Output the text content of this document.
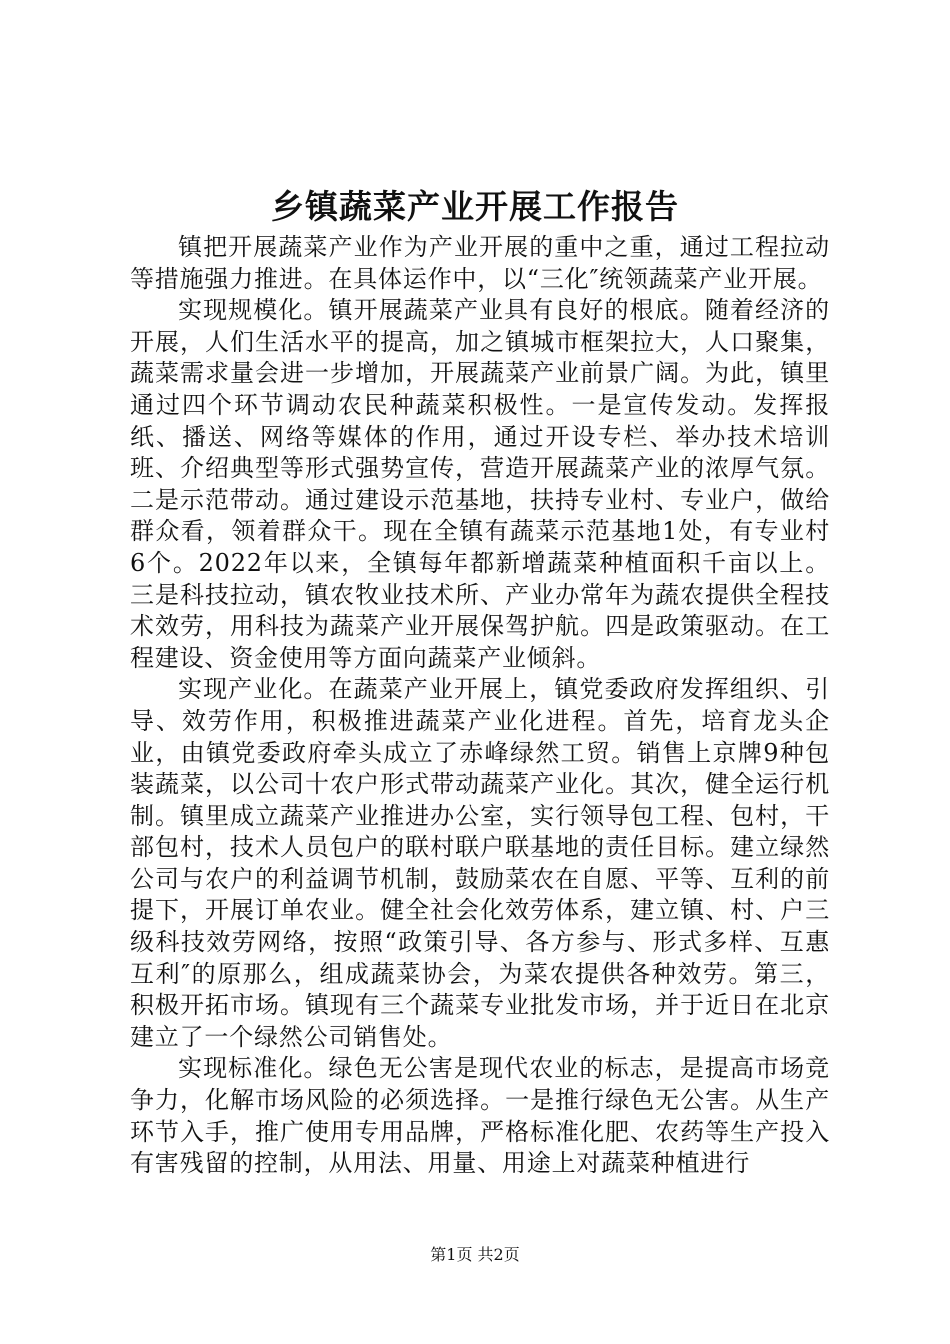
乡镇蔬菜产业开展工作报告

镇把开展蔬菜产业作为产业开展的重中之重，通过工程拉动等措施强力推进。在具体运作中，以“三化″统领蔬菜产业开展。

实现规模化。镇开展蔬菜产业具有良好的根底。随着经济的开展，人们生活水平的提高，加之镇城市框架拉大，人口聚集，蔬菜需求量会进一步增加，开展蔬菜产业前景广阔。为此，镇里通过四个环节调动农民种蔬菜积极性。一是宣传发动。发挥报纸、播送、网络等媒体的作用，通过开设专栏、举办技术培训班、介绍典型等形式强势宣传，营造开展蔬菜产业的浓厚气氛。二是示范带动。通过建设示范基地，扶持专业村、专业户，做给群众看，领着群众干。现在全镇有蔬菜示范基地1处，有专业村6个。2022年以来，全镇每年都新增蔬菜种植面积千亩以上。三是科技拉动，镇农牧业技术所、产业办常年为蔬农提供全程技术效劳，用科技为蔬菜产业开展保驾护航。四是政策驱动。在工程建设、资金使用等方面向蔬菜产业倾斜。

实现产业化。在蔬菜产业开展上，镇党委政府发挥组织、引导、效劳作用，积极推进蔬菜产业化进程。首先，培育龙头企业，由镇党委政府牵头成立了赤峰绿然工贸。销售上京牌9种包装蔬菜，以公司十农户形式带动蔬菜产业化。其次，健全运行机制。镇里成立蔬菜产业推进办公室，实行领导包工程、包村，干部包村，技术人员包户的联村联户联基地的责任目标。建立绿然公司与农户的利益调节机制，鼓励菜农在自愿、平等、互利的前提下，开展订单农业。健全社会化效劳体系，建立镇、村、户三级科技效劳网络，按照“政策引导、各方参与、形式多样、互惠互利″的原那么，组成蔬菜协会，为菜农提供各种效劳。第三，积极开拓市场。镇现有三个蔬菜专业批发市场，并于近日在北京建立了一个绿然公司销售处。

实现标准化。绿色无公害是现代农业的标志，是提高市场竞争力，化解市场风险的必须选择。一是推行绿色无公害。从生产环节入手，推广使用专用品牌，严格标准化肥、农药等生产投入有害残留的控制，从用法、用量、用途上对蔬菜种植进行

第1页 共2页
